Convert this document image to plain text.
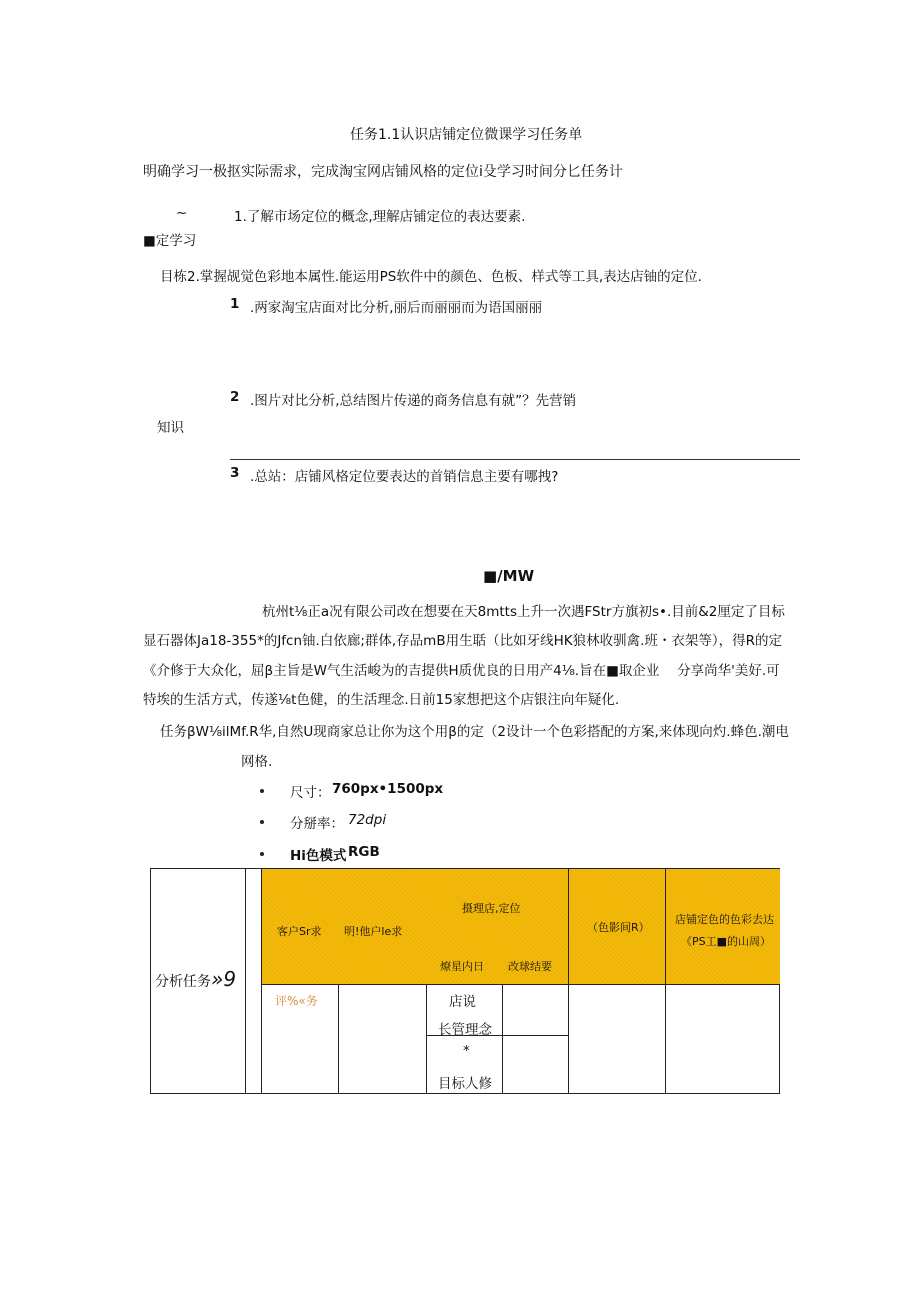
任务1.1认识店铺定位微课学习任务单
明确学习一极抠实际需求，完成淘宝网店铺风格的定位i殳学习时间分匕任务计
~	1.了解市场定位的概念,理解店铺定位的表达要素.
■定学习
目栋2.掌握觇觉色彩地本属性.能运用PS软件中的颜色、色板、样式等工具,表达店铀的定位.
1 .两家淘宝店面对比分析,丽后而丽丽而为语国丽丽
2 .图片对比分析,总结图片传递的商务信息有就”？先营销
知识
3 .总站：店铺风格定位要表达的首销信息主要有哪拽?
■/MW
杭州t⅛正a况有限公司改在想要在天8mtts上升一次遇FStr方旗初s•.目前&2厘定了目标
显石器体Ja18-355*的Jfcn铀.白依廊;群体,存品mB用生聒（比如牙线HK狼林收驯禽.班・衣架等），得R的定
《介修于大众化，屈β主旨是W气生活峻为的吉提供H质优良的日用产4⅛.旨在■取企业　 分享尚华'美好.可
特埃的生活方式，传遂⅛t色健，的生活理念.日前15家想把这个店银注向年疑化.
任务βW⅛ilMf.R华,自然U现商家总让你为这个用β的定（2设计一个色彩搭配的方案,来体现向灼.蜂色.潮电
网格.
尺寸： 760px•1500px
分掰率： 72dpi
Hi色模式 RGB
分析任务»9
摄理店,定位
客户Sr求 明!他户le求
燎星内日 改球结要
（色影间R）
店铺定色的色彩去达
《PS工■的山周）
评%«务	店说
长管理念
*
目标人修
